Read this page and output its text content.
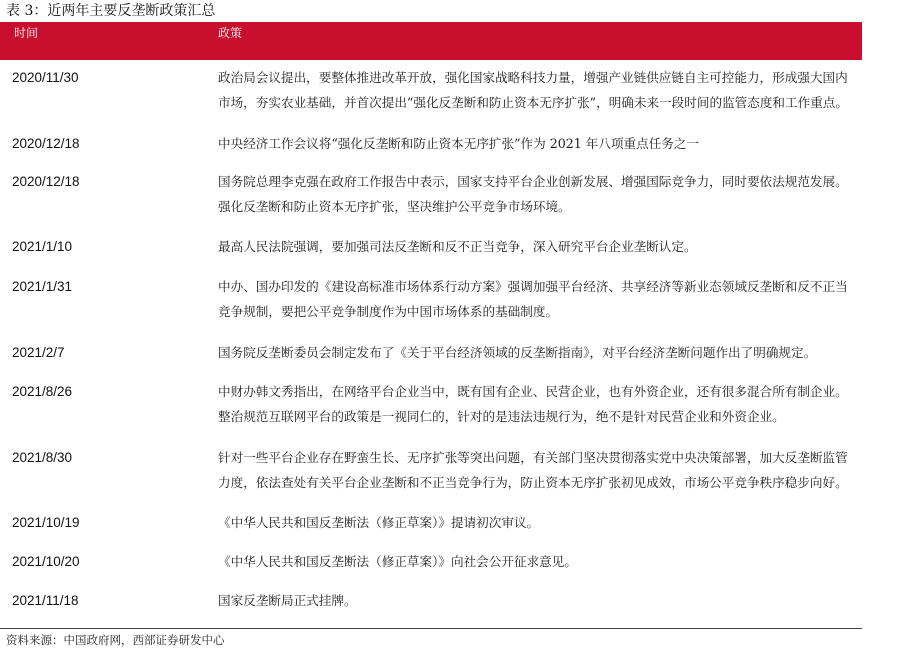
表 3：近两年主要反垄断政策汇总
时间	政策
2020/11/30	政治局会议提出，要整体推进改革开放，强化国家战略科技力量，增强产业链供应链自主可控能力，形成强大国内
市场，夯实农业基础，并首次提出“强化反垄断和防止资本无序扩张”，明确未来一段时间的监管态度和工作重点。
2020/12/18	中央经济工作会议将“强化反垄断和防止资本无序扩张”作为 2021 年八项重点任务之一
2020/12/18	国务院总理李克强在政府工作报告中表示，国家支持平台企业创新发展、增强国际竞争力，同时要依法规范发展。
强化反垄断和防止资本无序扩张，坚决维护公平竞争市场环境。
2021/1/10	最高人民法院强调，要加强司法反垄断和反不正当竞争，深入研究平台企业垄断认定。
2021/1/31	中办、国办印发的《建设高标准市场体系行动方案》强调加强平台经济、共享经济等新业态领域反垄断和反不正当
竞争规制，要把公平竞争制度作为中国市场体系的基础制度。
2021/2/7	国务院反垄断委员会制定发布了《关于平台经济领域的反垄断指南》，对平台经济垄断问题作出了明确规定。
2021/8/26	中财办韩文秀指出，在网络平台企业当中，既有国有企业、民营企业，也有外资企业，还有很多混合所有制企业。
整治规范互联网平台的政策是一视同仁的，针对的是违法违规行为，绝不是针对民营企业和外资企业。
2021/8/30	针对一些平台企业存在野蛮生长、无序扩张等突出问题，有关部门坚决贯彻落实党中央决策部署，加大反垄断监管
力度，依法查处有关平台企业垄断和不正当竞争行为，防止资本无序扩张初见成效，市场公平竞争秩序稳步向好。
2021/10/19	《中华人民共和国反垄断法（修正草案）》提请初次审议。
2021/10/20	《中华人民共和国反垄断法（修正草案）》向社会公开征求意见。
2021/11/18	国家反垄断局正式挂牌。
资料来源：中国政府网，西部证券研发中心
